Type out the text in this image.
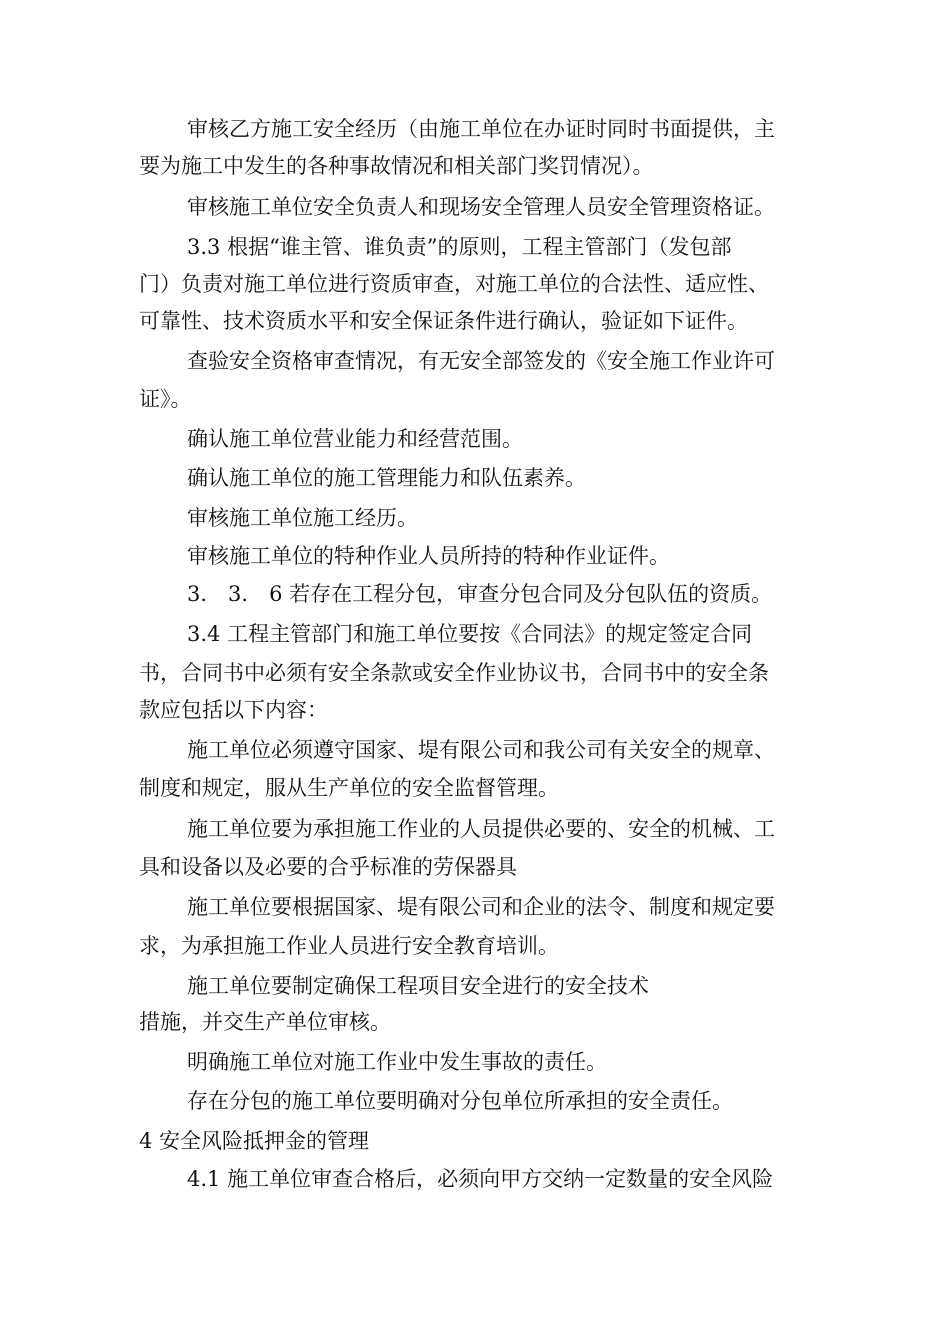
审核乙方施工安全经历（由施工单位在办证时同时书面提供，主

要为施工中发生的各种事故情况和相关部门奖罚情况）。

审核施工单位安全负责人和现场安全管理人员安全管理资格证。

3.3 根据“谁主管、谁负责”的原则，工程主管部门（发包部

门）负责对施工单位进行资质审查，对施工单位的合法性、适应性、

可靠性、技术资质水平和安全保证条件进行确认，验证如下证件。

查验安全资格审查情况，有无安全部签发的《安全施工作业许可

证》。

确认施工单位营业能力和经营范围。

确认施工单位的施工管理能力和队伍素养。

审核施工单位施工经历。

审核施工单位的特种作业人员所持的特种作业证件。

3． 3． 6 若存在工程分包，审查分包合同及分包队伍的资质。

3.4 工程主管部门和施工单位要按《合同法》的规定签定合同

书，合同书中必须有安全条款或安全作业协议书，合同书中的安全条

款应包括以下内容：

施工单位必须遵守国家、堤有限公司和我公司有关安全的规章、

制度和规定，服从生产单位的安全监督管理。

施工单位要为承担施工作业的人员提供必要的、安全的机械、工

具和设备以及必要的合乎标准的劳保器具

施工单位要根据国家、堤有限公司和企业的法令、制度和规定要

求，为承担施工作业人员进行安全教育培训。

施工单位要制定确保工程项目安全进行的安全技术

措施，并交生产单位审核。

明确施工单位对施工作业中发生事故的责任。

存在分包的施工单位要明确对分包单位所承担的安全责任。

4 安全风险抵押金的管理

4.1 施工单位审查合格后，必须向甲方交纳一定数量的安全风险
